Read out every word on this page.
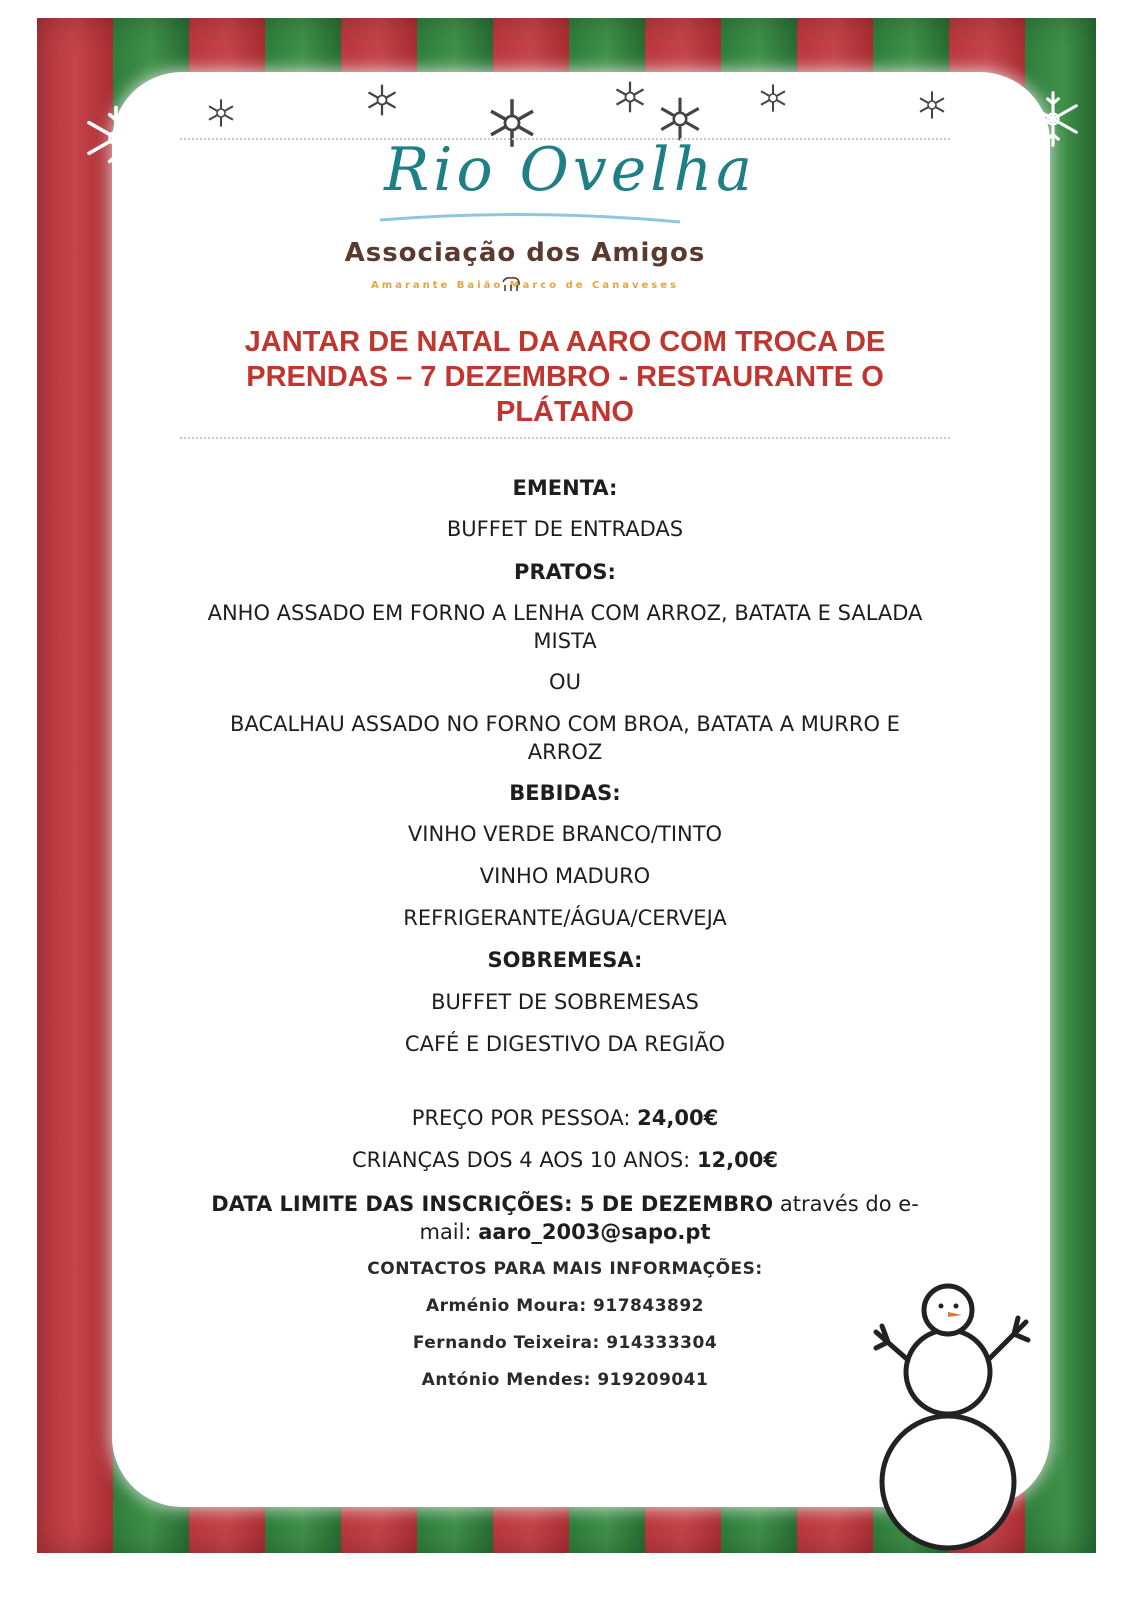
Rio Ovelha
Associação dos Amigos
Amarante Baião Marco de Canaveses
JANTAR DE NATAL DA AARO COM TROCA DE
PRENDAS – 7 DEZEMBRO - RESTAURANTE O
PLÁTANO
EMENTA:
BUFFET DE ENTRADAS
PRATOS:
ANHO ASSADO EM FORNO A LENHA COM ARROZ, BATATA E SALADA
MISTA
OU
BACALHAU ASSADO NO FORNO COM BROA, BATATA A MURRO E
ARROZ
BEBIDAS:
VINHO VERDE BRANCO/TINTO
VINHO MADURO
REFRIGERANTE/ÁGUA/CERVEJA
SOBREMESA:
BUFFET DE SOBREMESAS
CAFÉ E DIGESTIVO DA REGIÃO
PREÇO POR PESSOA: 24,00€
CRIANÇAS DOS 4 AOS 10 ANOS: 12,00€
DATA LIMITE DAS INSCRIÇÕES: 5 DE DEZEMBRO através do e-
mail: aaro_2003@sapo.pt
CONTACTOS PARA MAIS INFORMAÇÕES:
Arménio Moura: 917843892
Fernando Teixeira: 914333304
António Mendes: 919209041
